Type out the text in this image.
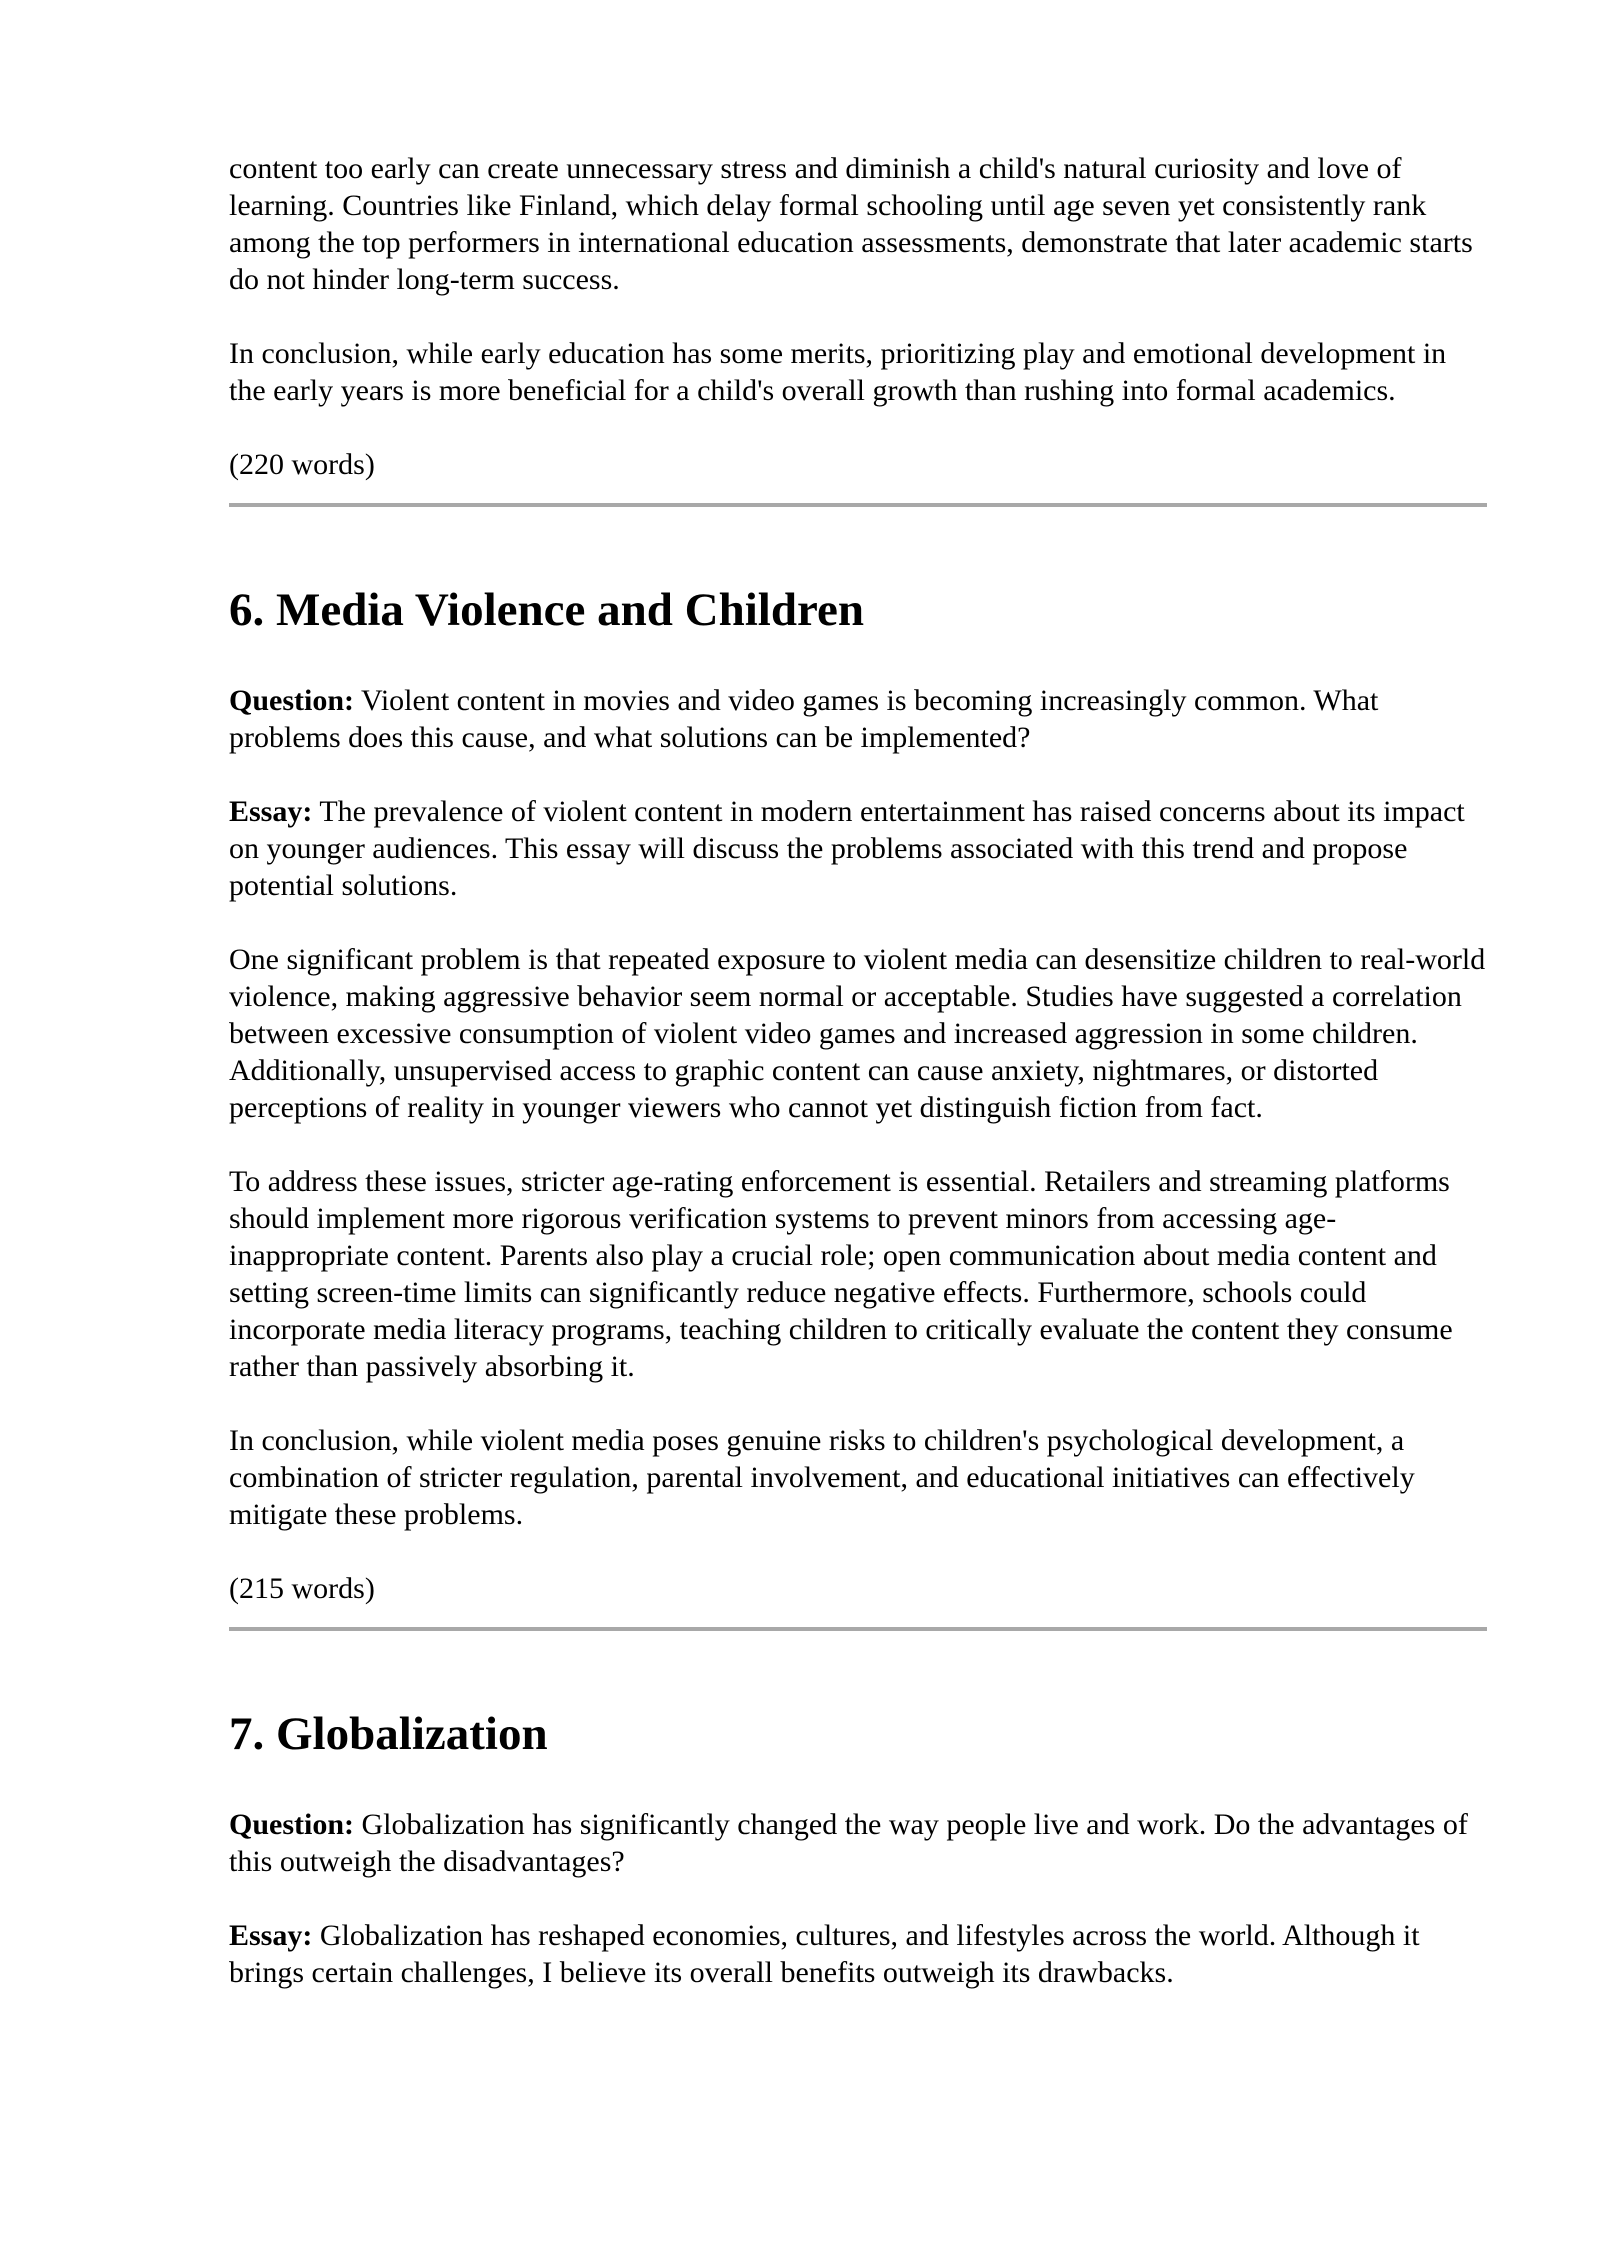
content too early can create unnecessary stress and diminish a child's natural curiosity and love of learning. Countries like Finland, which delay formal schooling until age seven yet consistently rank among the top performers in international education assessments, demonstrate that later academic starts do not hinder long-term success.

In conclusion, while early education has some merits, prioritizing play and emotional development in the early years is more beneficial for a child's overall growth than rushing into formal academics.

(220 words)

6. Media Violence and Children

Question: Violent content in movies and video games is becoming increasingly common. What problems does this cause, and what solutions can be implemented?

Essay: The prevalence of violent content in modern entertainment has raised concerns about its impact on younger audiences. This essay will discuss the problems associated with this trend and propose potential solutions.

One significant problem is that repeated exposure to violent media can desensitize children to real-world violence, making aggressive behavior seem normal or acceptable. Studies have suggested a correlation between excessive consumption of violent video games and increased aggression in some children. Additionally, unsupervised access to graphic content can cause anxiety, nightmares, or distorted perceptions of reality in younger viewers who cannot yet distinguish fiction from fact.

To address these issues, stricter age-rating enforcement is essential. Retailers and streaming platforms should implement more rigorous verification systems to prevent minors from accessing age-inappropriate content. Parents also play a crucial role; open communication about media content and setting screen-time limits can significantly reduce negative effects. Furthermore, schools could incorporate media literacy programs, teaching children to critically evaluate the content they consume rather than passively absorbing it.

In conclusion, while violent media poses genuine risks to children's psychological development, a combination of stricter regulation, parental involvement, and educational initiatives can effectively mitigate these problems.

(215 words)

7. Globalization

Question: Globalization has significantly changed the way people live and work. Do the advantages of this outweigh the disadvantages?

Essay: Globalization has reshaped economies, cultures, and lifestyles across the world. Although it brings certain challenges, I believe its overall benefits outweigh its drawbacks.
